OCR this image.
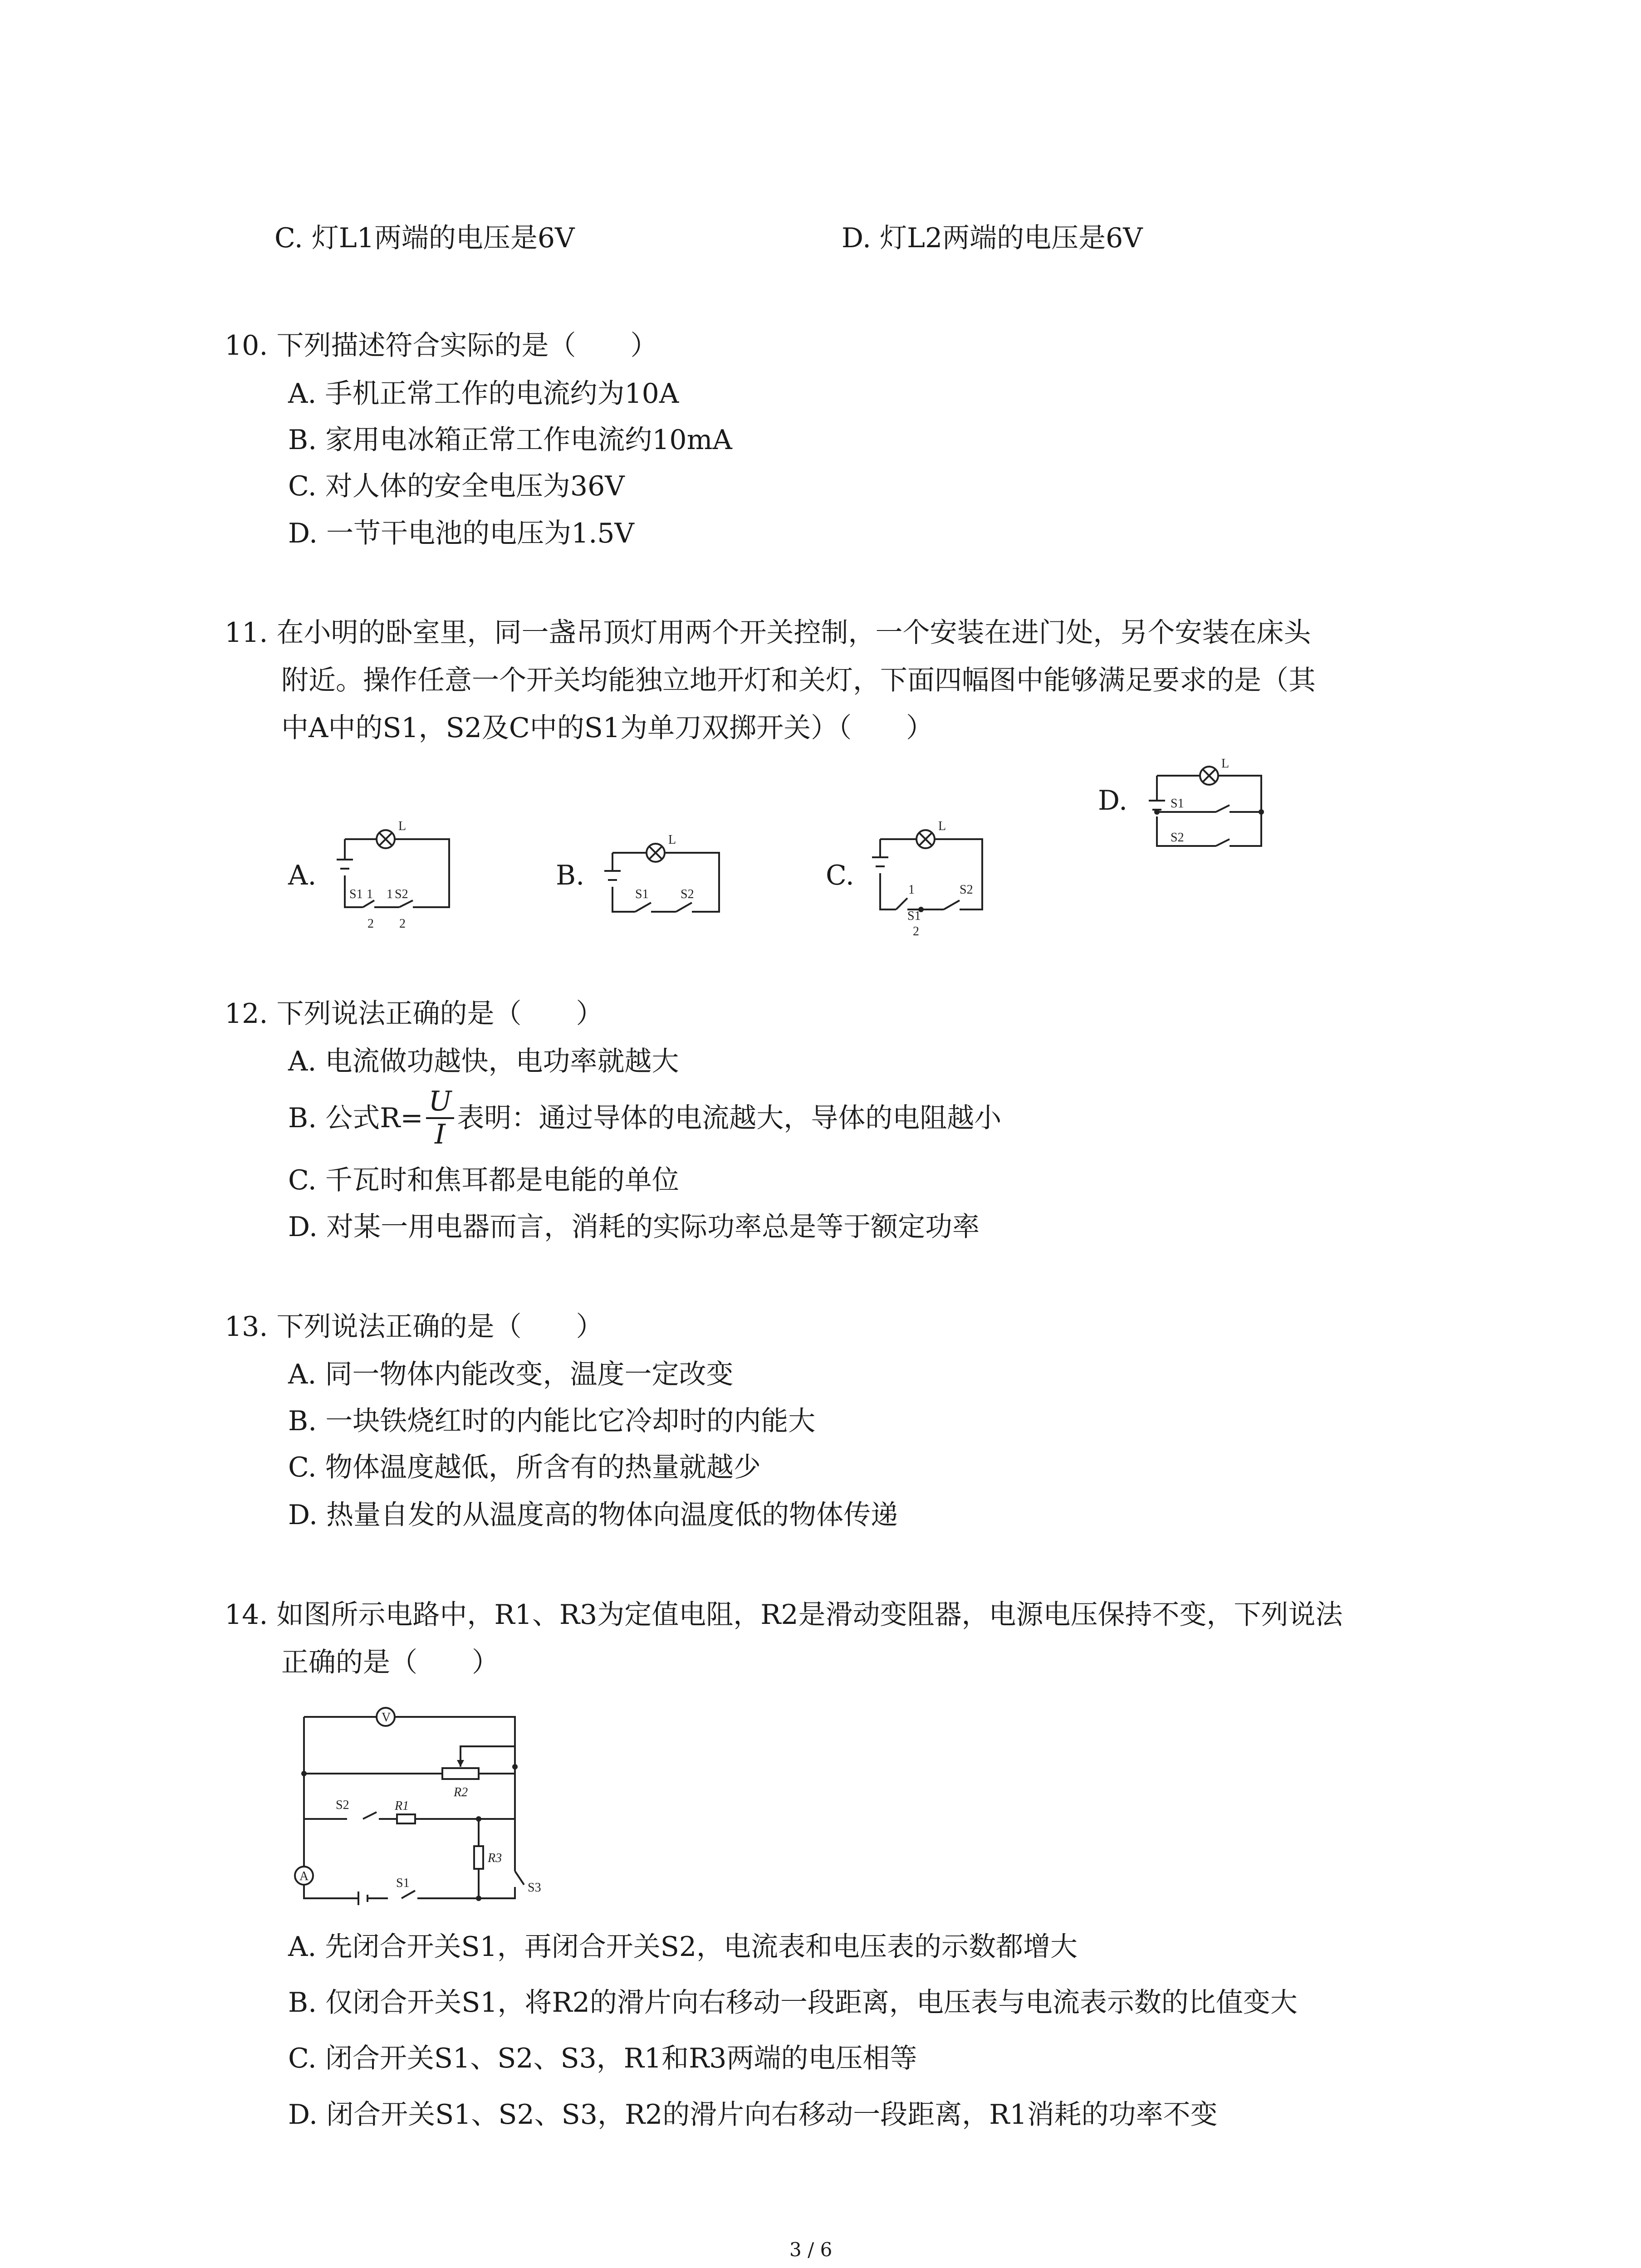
C. 灯L1两端的电压是6V	D. 灯L2两端的电压是6V
10. 下列描述符合实际的是（　　）
A. 手机正常工作的电流约为10A
B. 家用电冰箱正常工作电流约10mA
C. 对人体的安全电压为36V
D. 一节干电池的电压为1.5V
11. 在小明的卧室里，同一盏吊顶灯用两个开关控制，一个安装在进门处，另个安装在床头
附近。操作任意一个开关均能独立地开灯和关灯，下面四幅图中能够满足要求的是（其
中A中的S1，S2及C中的S1为单刀双掷开关）（　　）
A.	B.	C.
D.
L
S1 1 1 S2
2 2
L
S1	S2
L
1
S1
S2
2
L
S1
S2
12. 下列说法正确的是（　　）
A. 电流做功越快，电功率就越大
B. 公式$R= \frac{U}{I}$ 表明：通过导体的电流越大，导体的电阻越小
C. 千瓦时和焦耳都是电能的单位
D. 对某一用电器而言，消耗的实际功率总是等于额定功率
13. 下列说法正确的是（　　）
A. 同一物体内能改变，温度一定改变
B. 一块铁烧红时的内能比它冷却时的内能大
C. 物体温度越低，所含有的热量就越少
D. 热量自发的从温度高的物体向温度低的物体传递
14. 如图所示电路中，R1、R3为定值电阻，R2是滑动变阻器，电源电压保持不变，下列说法
正确的是（　　）
V
A
R2
R1
R3
S2
S1	S3
A. 先闭合开关S1，再闭合开关S2，电流表和电压表的示数都增大
B. 仅闭合开关S1，将R2的滑片向右移动一段距离，电压表与电流表示数的比值变大
C. 闭合开关S1、S2、S3，R1和R3两端的电压相等
D. 闭合开关S1、S2、S3，R2的滑片向右移动一段距离，R1消耗的功率不变
3 / 6
